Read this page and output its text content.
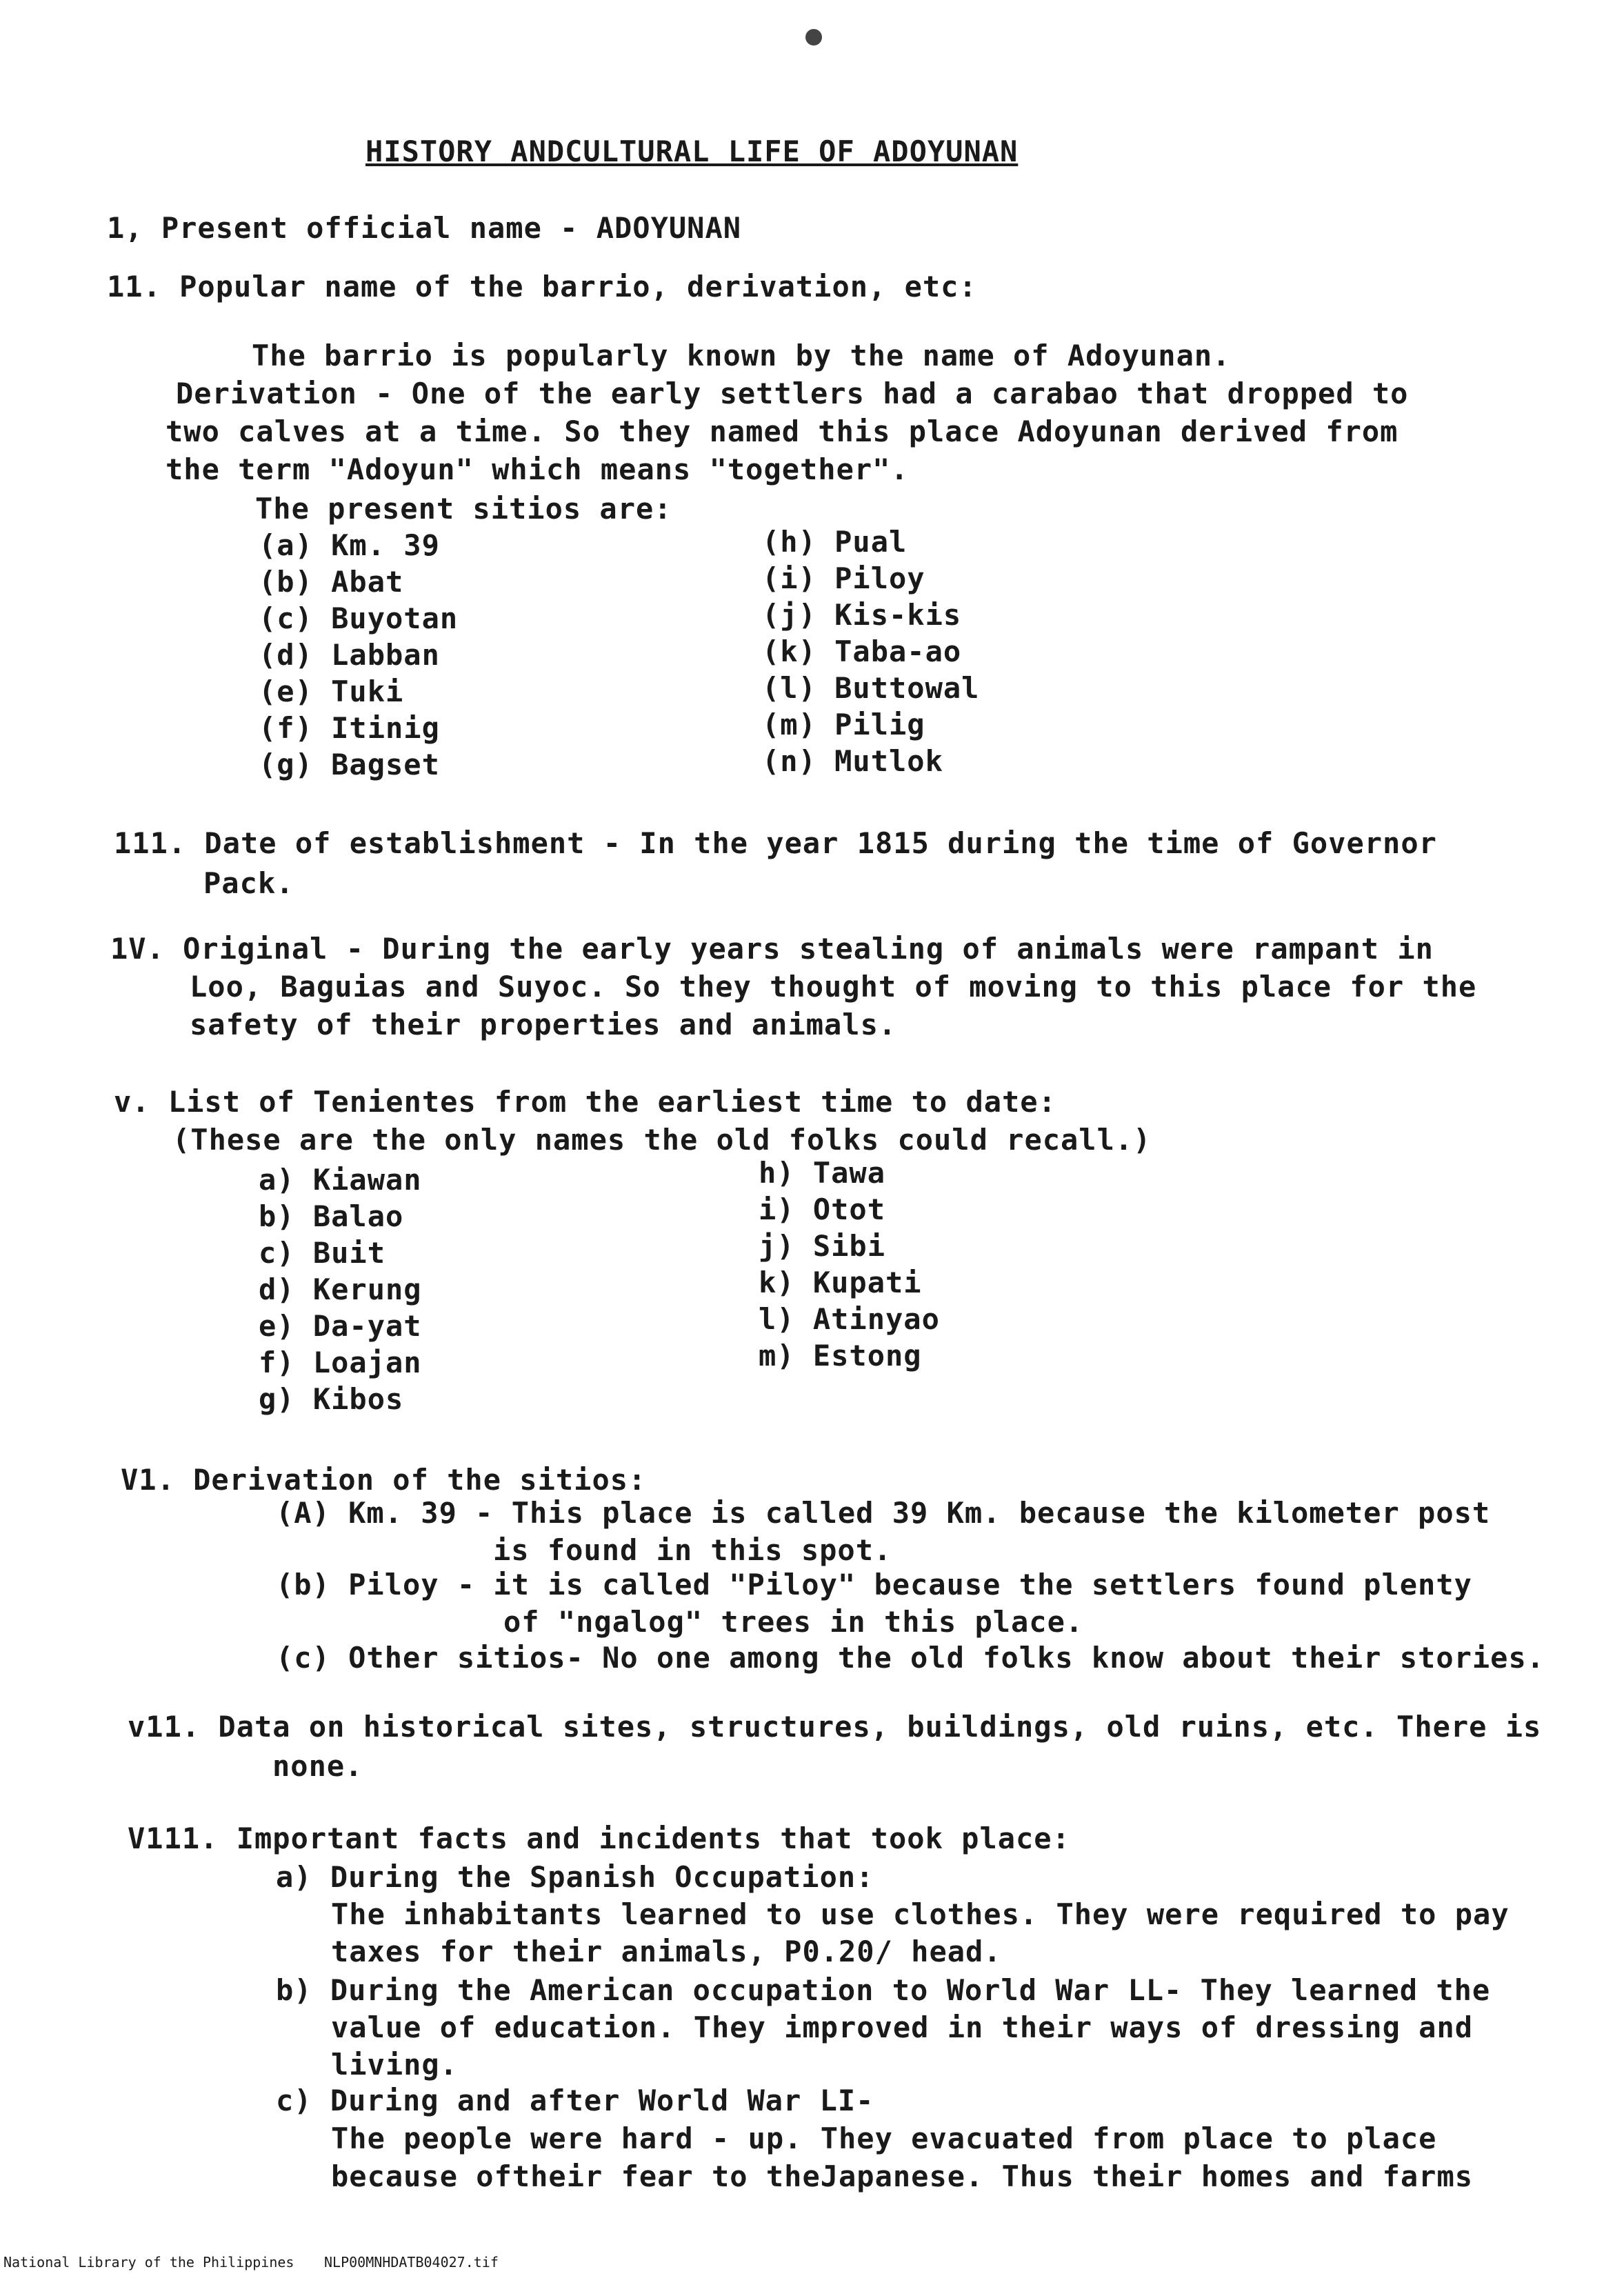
HISTORY ANDCULTURAL LIFE OF ADOYUNAN
1, Present official name - ADOYUNAN
11. Popular name of the barrio, derivation, etc:
The barrio is popularly known by the name of Adoyunan.
Derivation - One of the early settlers had a carabao that dropped to
two calves at a time. So they named this place Adoyunan derived from
the term "Adoyun" which means "together".
The present sitios are:
(a) Km. 39
(b) Abat
(c) Buyotan
(d) Labban
(e) Tuki
(f) Itinig
(g) Bagset
(h) Pual
(i) Piloy
(j) Kis-kis
(k) Taba-ao
(l) Buttowal
(m) Pilig
(n) Mutlok
111. Date of establishment - In the year 1815 during the time of Governor
Pack.
1V. Original - During the early years stealing of animals were rampant in
Loo, Baguias and Suyoc. So they thought of moving to this place for the
safety of their properties and animals.
v. List of Tenientes from the earliest time to date:
(These are the only names the old folks could recall.)
a) Kiawan
b) Balao
c) Buit
d) Kerung
e) Da-yat
f) Loajan
g) Kibos
h) Tawa
i) Otot
j) Sibi
k) Kupati
l) Atinyao
m) Estong
V1. Derivation of the sitios:
(A) Km. 39 - This place is called 39 Km. because the kilometer post
is found in this spot.
(b) Piloy - it is called "Piloy" because the settlers found plenty
of "ngalog" trees in this place.
(c) Other sitios- No one among the old folks know about their stories.
v11. Data on historical sites, structures, buildings, old ruins, etc. There is
none.
V111. Important facts and incidents that took place:
a) During the Spanish Occupation:
The inhabitants learned to use clothes. They were required to pay
taxes for their animals, P0.20/ head.
b) During the American occupation to World War LL- They learned the
value of education. They improved in their ways of dressing and
living.
c) During and after World War LI-
The people were hard - up. They evacuated from place to place
because oftheir fear to theJapanese. Thus their homes and farms
National Library of the Philippines NLP00MNHDATB04027.tif
